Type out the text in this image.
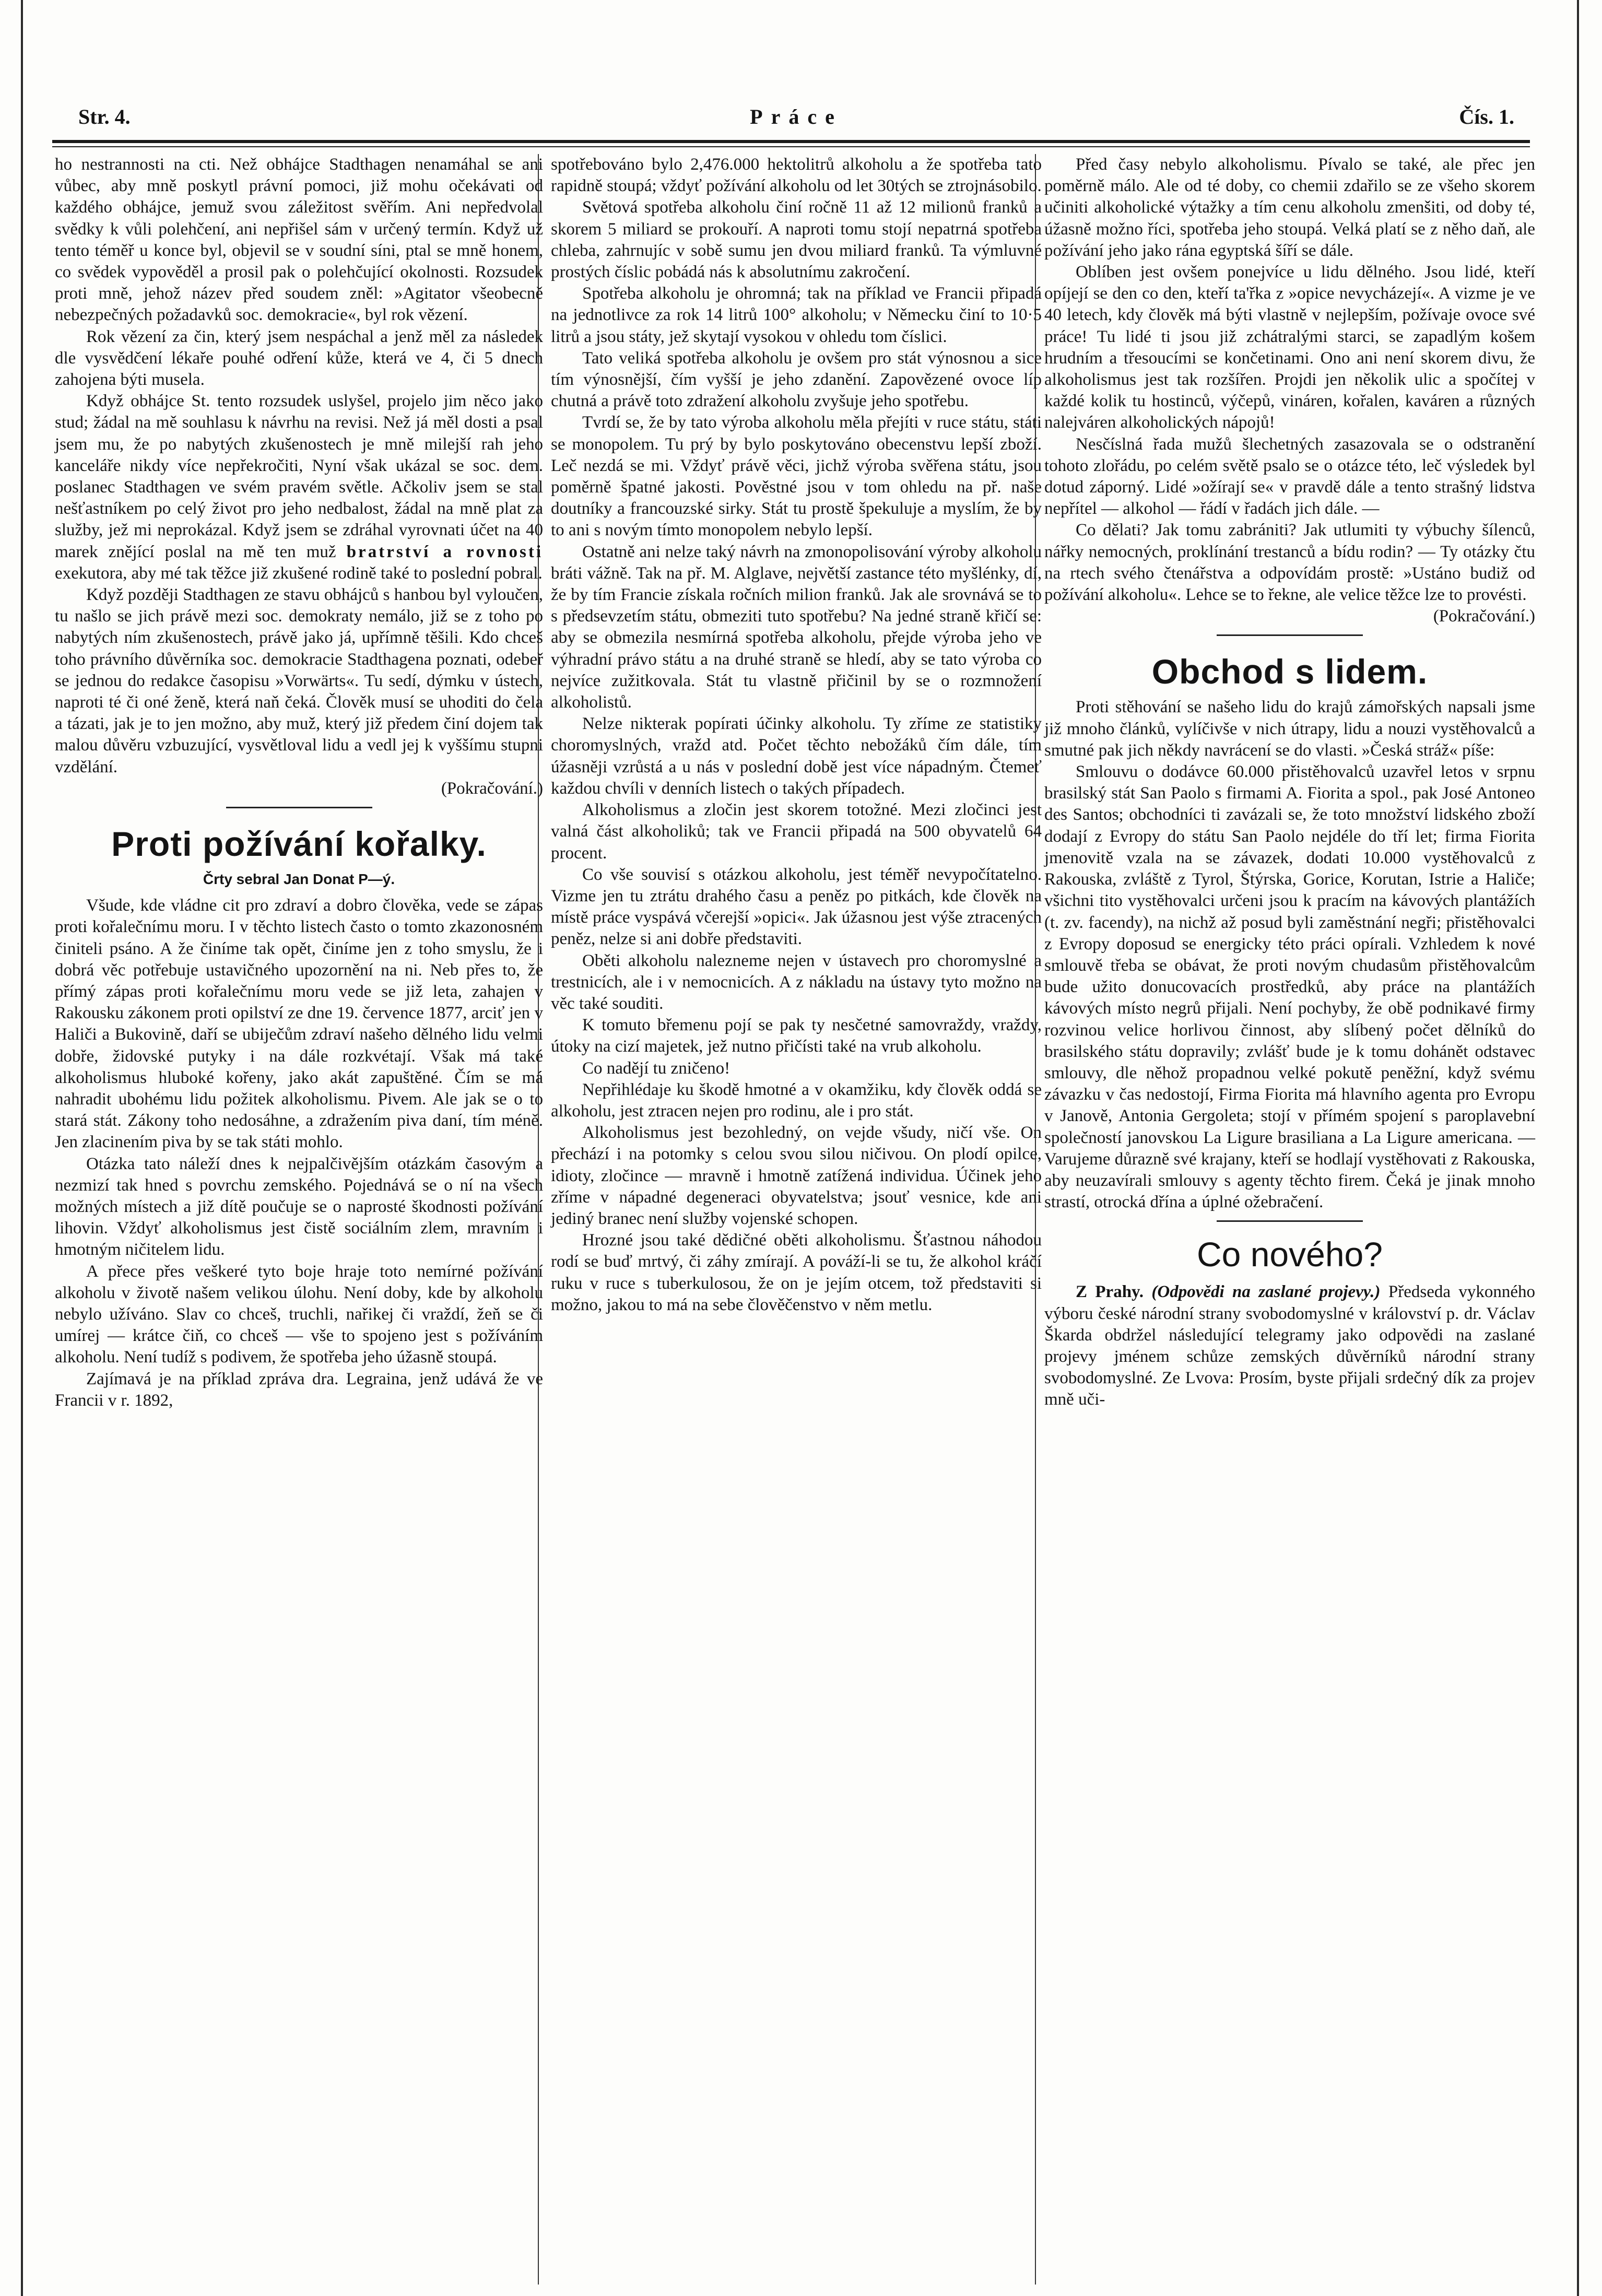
Str. 4.	Práce	Čís. 1.

ho nestrannosti na cti. Než obhájce Stadthagen nenamáhal se ani vůbec, aby mně poskytl právní pomoci, již mohu očekávati od každého obhájce, jemuž svou záležitost svěřím. Ani nepředvolal svědky k vůli polehčení, ani nepřišel sám v určený termín. Když už tento téměř u konce byl, objevil se v soudní síni, ptal se mně honem, co svědek vypověděl a prosil pak o polehčující okolnosti. Rozsudek proti mně, jehož název před soudem zněl: »Agitator všeobecně nebezpečných požadavků soc. demokracie«, byl rok vězení.

Rok vězení za čin, který jsem nespáchal a jenž měl za následek dle vysvědčení lékaře pouhé odření kůže, která ve 4, či 5 dnech zahojena býti musela.

Když obhájce St. tento rozsudek uslyšel, projelo jim něco jako stud; žádal na mě souhlasu k návrhu na revisi. Než já měl dosti a psal jsem mu, že po nabytých zkušenostech je mně milejší rah jeho kanceláře nikdy více nepřekročiti, Nyní však ukázal se soc. dem. poslanec Stadthagen ve svém pravém světle. Ačkoliv jsem se stal nešťastníkem po celý život pro jeho nedbalost, žádal na mně plat za služby, jež mi neprokázal. Když jsem se zdráhal vyrovnati účet na 40 marek znějící poslal na mě ten muž bratrství a rovnosti exekutora, aby mé tak těžce již zkušené rodině také to poslední pobral.

Když později Stadthagen ze stavu obhájců s hanbou byl vyloučen, tu našlo se jich právě mezi soc. demokraty nemálo, již se z toho po nabytých ním zkušenostech, právě jako já, upřímně těšili. Kdo chceš toho právního důvěrníka soc. demokracie Stadthagena poznati, odebeř se jednou do redakce časopisu »Vorwärts«. Tu sedí, dýmku v ústech, naproti té či oné ženě, která naň čeká. Člověk musí se uhoditi do čela a tázati, jak je to jen možno, aby muž, který již předem činí dojem tak malou důvěru vzbuzující, vysvětloval lidu a vedl jej k vyššímu stupni vzdělání.

(Pokračování.)
Proti požívání kořalky.
Črty sebral Jan Donat P—ý.

Všude, kde vládne cit pro zdraví a dobro člověka, vede se zápas proti kořalečnímu moru. I v těchto listech často o tomto zkazonosném činiteli psáno. A že činíme tak opět, činíme jen z toho smyslu, že i dobrá věc potřebuje ustavičného upozornění na ni. Neb přes to, že přímý zápas proti kořalečnímu moru vede se již leta, zahajen v Rakousku zákonem proti opilství ze dne 19. července 1877, arciť jen v Haliči a Bukovině, daří se ubiječům zdraví našeho dělného lidu velmi dobře, židovské putyky i na dále rozkvétají. Však má také alkoholismus hluboké kořeny, jako akát zapuštěné. Čím se má nahradit ubohému lidu požitek alkoholismu. Pivem. Ale jak se o to stará stát. Zákony toho nedosáhne, a zdražením piva daní, tím méně. Jen zlacinením piva by se tak státi mohlo.

Otázka tato náleží dnes k nejpalčivějším otázkám časovým a nezmizí tak hned s povrchu zemského. Pojednává se o ní na všech možných místech a již dítě poučuje se o naprosté škodnosti požívání lihovin. Vždyť alkoholismus jest čistě sociálním zlem, mravním i hmotným ničitelem lidu.

A přece přes veškeré tyto boje hraje toto nemírné požívání alkoholu v životě našem velikou úlohu. Není doby, kde by alkoholu nebylo užíváno. Slav co chceš, truchli, nařikej či vraždí, žeň se či umírej — krátce čiň, co chceš — vše to spojeno jest s požíváním alkoholu. Není tudíž s podivem, že spotřeba jeho úžasně stoupá.

Zajímavá je na příklad zpráva dra. Legraina, jenž udává že ve Francii v r. 1892,

spotřebováno bylo 2,476.000 hektolitrů alkoholu a že spotřeba tato rapidně stoupá; vždyť požívání alkoholu od let 30tých se ztrojnásobilo.

Světová spotřeba alkoholu činí ročně 11 až 12 milionů franků a skorem 5 miliard se prokouří. A naproti tomu stojí nepatrná spotřeba chleba, zahrnujíc v sobě sumu jen dvou miliard franků. Ta výmluvné prostých číslic pobádá nás k absolutnímu zakročení.

Spotřeba alkoholu je ohromná; tak na příklad ve Francii připadá na jednotlivce za rok 14 litrů 100° alkoholu; v Německu činí to 10·5 litrů a jsou státy, jež skytají vysokou v ohledu tom číslici.

Tato veliká spotřeba alkoholu je ovšem pro stát výnosnou a sice tím výnosnější, čím vyšší je jeho zdanění. Zapovězené ovoce líp chutná a právě toto zdražení alkoholu zvyšuje jeho spotřebu.

Tvrdí se, že by tato výroba alkoholu měla přejíti v ruce státu, státi se monopolem. Tu prý by bylo poskytováno obecenstvu lepší zboží. Leč nezdá se mi. Vždyť právě věci, jichž výroba svěřena státu, jsou poměrně špatné jakosti. Pověstné jsou v tom ohledu na př. naše doutníky a francouzské sirky. Stát tu prostě špekuluje a myslím, že by to ani s novým tímto monopolem nebylo lepší.

Ostatně ani nelze taký návrh na zmonopolisování výroby alkoholu bráti vážně. Tak na př. M. Alglave, největší zastance této myšlénky, dí, že by tím Francie získala ročních milion franků. Jak ale srovnává se to s předsevzetím státu, obmeziti tuto spotřebu? Na jedné straně křičí se: aby se obmezila nesmírná spotřeba alkoholu, přejde výroba jeho ve výhradní právo státu a na druhé straně se hledí, aby se tato výroba co nejvíce zužitkovala. Stát tu vlastně přičinil by se o rozmnožení alkoholistů.

Nelze nikterak popírati účinky alkoholu. Ty zříme ze statistiky choromyslných, vražd atd. Počet těchto nebožáků čím dále, tím úžasněji vzrůstá a u nás v poslední době jest více nápadným. Čtemeť každou chvíli v denních listech o takých případech.

Alkoholismus a zločin jest skorem totožné. Mezi zločinci jest valná část alkoholiků; tak ve Francii připadá na 500 obyvatelů 64 procent.

Co vše souvisí s otázkou alkoholu, jest téměř nevypočítatelno. Vizme jen tu ztrátu drahého času a peněz po pitkách, kde člověk na místě práce vyspává včerejší »opici«. Jak úžasnou jest výše ztracených peněz, nelze si ani dobře představiti.

Oběti alkoholu nalezneme nejen v ústavech pro choromyslné a trestnicích, ale i v nemocnicích. A z nákladu na ústavy tyto možno na věc také souditi.

K tomuto břemenu pojí se pak ty nesčetné samovraždy, vraždy, útoky na cizí majetek, jež nutno přičísti také na vrub alkoholu.

Co nadějí tu zničeno!

Nepřihlédaje ku škodě hmotné a v okamžiku, kdy člověk oddá se alkoholu, jest ztracen nejen pro rodinu, ale i pro stát.

Alkoholismus jest bezohledný, on vejde všudy, ničí vše. On přechází i na potomky s celou svou silou ničivou. On plodí opilce, idioty, zločince — mravně i hmotně zatížená individua. Účinek jeho zříme v nápadné degeneraci obyvatelstva; jsouť vesnice, kde ani jediný branec není služby vojenské schopen.

Hrozné jsou také dědičné oběti alkoholismu. Šťastnou náhodou rodí se buď mrtvý, či záhy zmírají. A pováží-li se tu, že alkohol kráčí ruku v ruce s tuberkulosou, že on je jejím otcem, tož představiti si možno, jakou to má na sebe člověčenstvo v něm metlu.

Před časy nebylo alkoholismu. Pívalo se také, ale přec jen poměrně málo. Ale od té doby, co chemii zdařilo se ze všeho skorem učiniti alkoholické výtažky a tím cenu alkoholu zmenšiti, od doby té, úžasně možno říci, spotřeba jeho stoupá. Velká platí se z něho daň, ale požívání jeho jako rána egyptská šíří se dále.

Oblíben jest ovšem ponejvíce u lidu dělného. Jsou lidé, kteří opíjejí se den co den, kteří ta'řka z »opice nevycházejí«. A vizme je ve 40 letech, kdy člověk má býti vlastně v nejlepším, požívaje ovoce své práce! Tu lidé ti jsou již zchátralými starci, se zapadlým košem hrudním a třesoucími se končetinami. Ono ani není skorem divu, že alkoholismus jest tak rozšířen. Projdi jen několik ulic a spočítej v každé kolik tu hostinců, výčepů, vináren, kořalen, kaváren a různých nalejváren alkoholických nápojů!

Nesčíslná řada mužů šlechetných zasazovala se o odstranění tohoto zlořádu, po celém světě psalo se o otázce této, leč výsledek byl dotud záporný. Lidé »ožírají se« v pravdě dále a tento strašný lidstva nepřítel — alkohol — řádí v řadách jich dále. —

Co dělati? Jak tomu zabrániti? Jak utlumiti ty výbuchy šílenců, nářky nemocných, proklínání trestanců a bídu rodin? — Ty otázky čtu na rtech svého čtenářstva a odpovídám prostě: »Ustáno budiž od požívání alkoholu«. Lehce se to řekne, ale velice těžce lze to provésti.

(Pokračování.)
Obchod s lidem.

Proti stěhování se našeho lidu do krajů zámořských napsali jsme již mnoho článků, vylíčivše v nich útrapy, lidu a nouzi vystěhovalců a smutné pak jich někdy navrácení se do vlasti. »Česká stráž« píše:

Smlouvu o dodávce 60.000 přistěhovalců uzavřel letos v srpnu brasilský stát San Paolo s firmami A. Fiorita a spol., pak José Antoneo des Santos; obchodníci ti zavázali se, že toto množství lidského zboží dodají z Evropy do státu San Paolo nejdéle do tří let; firma Fiorita jmenovitě vzala na se závazek, dodati 10.000 vystěhovalců z Rakouska, zvláště z Tyrol, Štýrska, Gorice, Korutan, Istrie a Haliče; všichni tito vystěhovalci určeni jsou k pracím na kávových plantážích (t. zv. facendy), na nichž až posud byli zaměstnání negři; přistěhovalci z Evropy doposud se energicky této práci opírali. Vzhledem k nové smlouvě třeba se obávat, že proti novým chudasům přistěhovalcům bude užito donucovacích prostředků, aby práce na plantážích kávových místo negrů přijali. Není pochyby, že obě podnikavé firmy rozvinou velice horlivou činnost, aby slíbený počet dělníků do brasilského státu dopravily; zvlášť bude je k tomu dohánět odstavec smlouvy, dle něhož propadnou velké pokutě peněžní, když svému závazku v čas nedostojí, Firma Fiorita má hlavního agenta pro Evropu v Janově, Antonia Gergoleta; stojí v přímém spojení s paroplavební společností janovskou La Ligure brasiliana a La Ligure americana. — Varujeme důrazně své krajany, kteří se hodlají vystěhovati z Rakouska, aby neuzavírali smlouvy s agenty těchto firem. Čeká je jinak mnoho strastí, otrocká dřína a úplné ožebračení.

Co nového?

Z Prahy. (Odpovědi na zaslané projevy.) Předseda vykonného výboru české národní strany svobodomyslné v království p. dr. Václav Škarda obdržel následující telegramy jako odpovědi na zaslané projevy jménem schůze zemských důvěrníků národní strany svobodomyslné. Ze Lvova: Prosím, byste přijali srdečný dík za projev mně uči-
